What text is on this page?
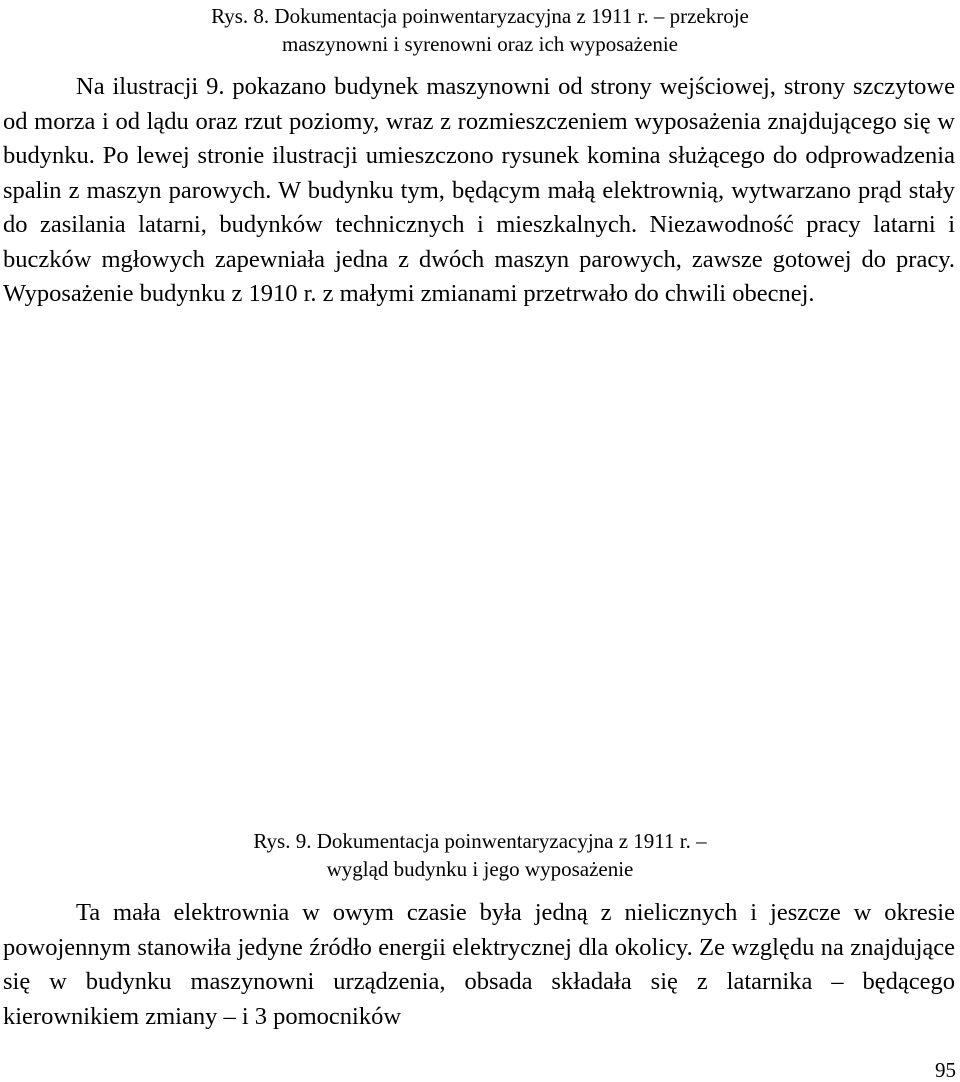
Rys. 8. Dokumentacja poinwentaryzacyjna z 1911 r. – przekroje
maszynowni i syrenowni oraz ich wyposażenie

Na ilustracji 9. pokazano budynek maszynowni od strony wejściowej, strony szczytowe od morza i od lądu oraz rzut poziomy, wraz z rozmieszczeniem wyposażenia znajdującego się w budynku. Po lewej stronie ilustracji umieszczono rysunek komina służącego do odprowadzenia spalin z maszyn parowych. W budynku tym, będącym małą elektrownią, wytwarzano prąd stały do zasilania latarni, budynków technicznych i mieszkalnych. Niezawodność pracy latarni i buczków mgłowych zapewniała jedna z dwóch maszyn parowych, zawsze gotowej do pracy. Wyposażenie budynku z 1910 r. z małymi zmianami przetrwało do chwili obecnej.

Rys. 9. Dokumentacja poinwentaryzacyjna z 1911 r. –
wygląd budynku i jego wyposażenie

Ta mała elektrownia w owym czasie była jedną z nielicznych i jeszcze w okresie powojennym stanowiła jedyne źródło energii elektrycznej dla okolicy. Ze względu na znajdujące się w budynku maszynowni urządzenia, obsada składała się z latarnika – będącego kierownikiem zmiany – i 3 pomocników

95
